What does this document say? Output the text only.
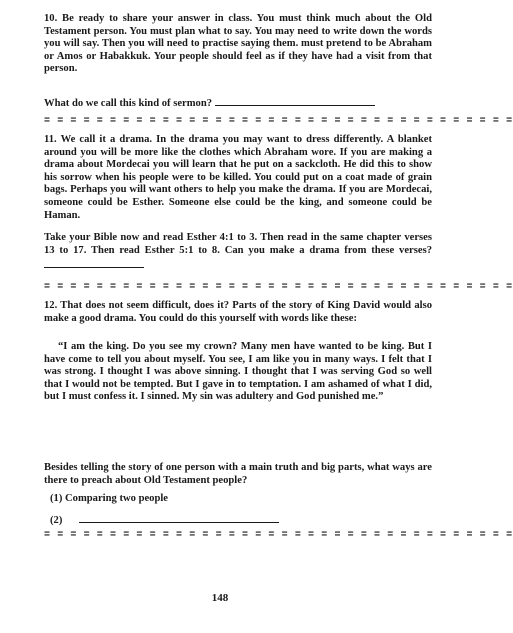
10. Be ready to share your answer in class. You must think much about the Old Testament person. You must plan what to say. You may need to write down the words you will say. Then you will need to practise saying them. must pretend to be Abraham or Amos or Habakkuk. Your people should feel as if they have had a visit from that person.

What do we call this kind of sermon?
= = = = = = = = = = = = = = = = = = = = = = = = = = = = = = = = = = = =

11. We call it a drama. In the drama you may want to dress differently. A blanket around you will be more like the clothes which Abraham wore. If you are making a drama about Mordecai you will learn that he put on a sackcloth. He did this to show his sorrow when his people were to be killed. You could put on a coat made of grain bags. Perhaps you will want others to help you make the drama. If you are Mordecai, someone could be Esther. Someone else could be the king, and someone could be Haman.

Take your Bible now and read Esther 4:1 to 3. Then read in the same chapter verses 13 to 17. Then read Esther 5:1 to 8. Can you make a drama from these verses?
= = = = = = = = = = = = = = = = = = = = = = = = = = = = = = = = = = = =

12. That does not seem difficult, does it? Parts of the story of King David would also make a good drama. You could do this yourself with words like these:

“I am the king. Do you see my crown? Many men have wanted to be king. But I have come to tell you about myself. You see, I am like you in many ways. I felt that I was strong. I thought I was above sinning. I thought that I was serving God so well that I would not be tempted. But I gave in to temptation. I am ashamed of what I did, but I must confess it. I sinned. My sin was adultery and God punished me.”

Besides telling the story of one person with a main truth and big parts, what ways are there to preach about Old Testament people?

(1) Comparing two people

(2)
= = = = = = = = = = = = = = = = = = = = = = = = = = = = = = = = = = = =
148
